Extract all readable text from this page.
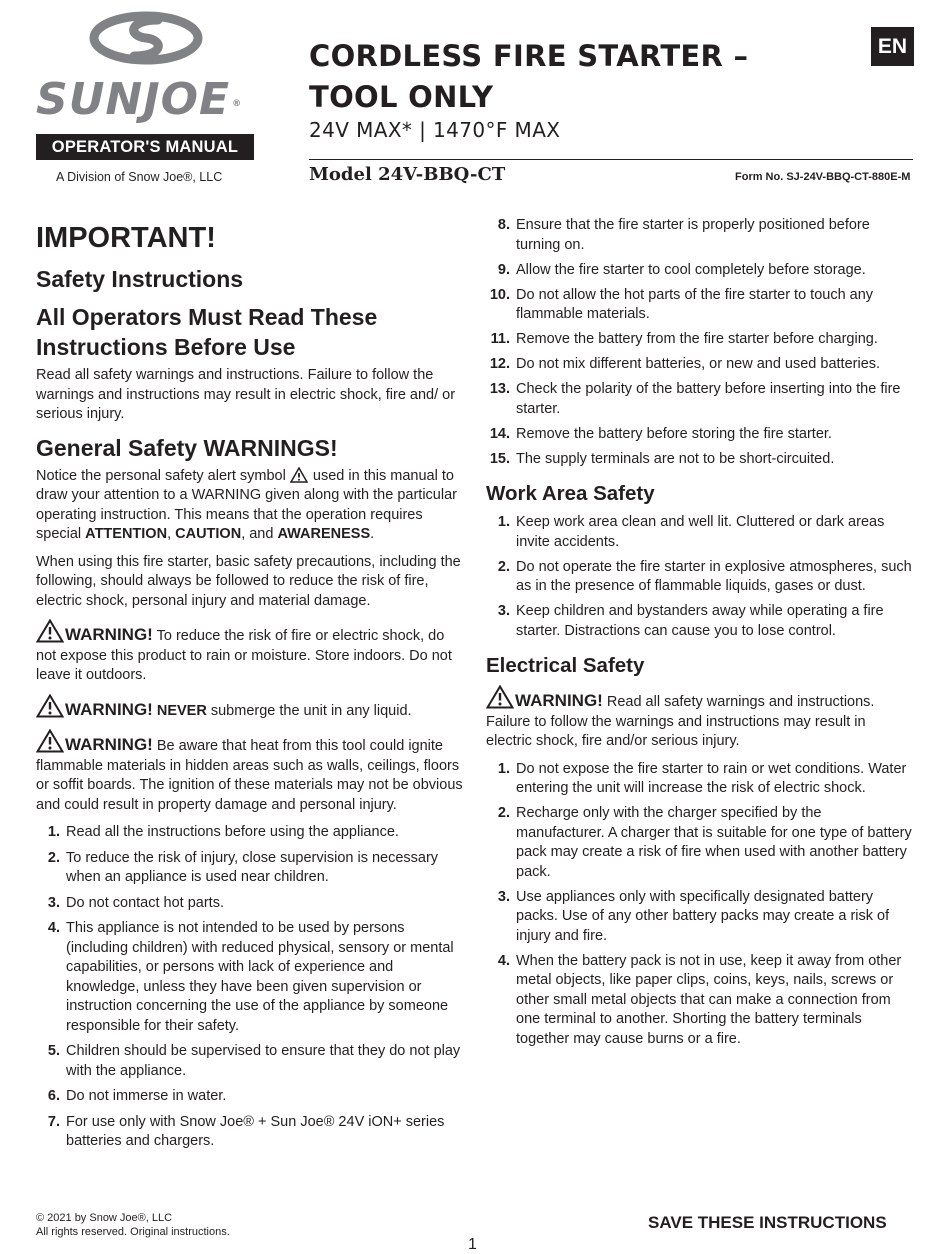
SUNJOE ®
OPERATOR'S MANUAL
A Division of Snow Joe®, LLC
CORDLESS FIRE STARTER –
TOOL ONLY
24V MAX* | 1470°F MAX
Model 24V-BBQ-CT	Form No. SJ-24V-BBQ-CT-880E-M
EN
IMPORTANT!
Safety Instructions
All Operators Must Read These Instructions Before Use

Read all safety warnings and instructions. Failure to follow the warnings and instructions may result in electric shock, fire and/ or serious injury.

General Safety WARNINGS!

Notice the personal safety alert symbol used in this manual to draw your attention to a WARNING given along with the particular operating instruction. This means that the operation requires special ATTENTION, CAUTION, and AWARENESS.

When using this fire starter, basic safety precautions, including the following, should always be followed to reduce the risk of fire, electric shock, personal injury and material damage.

WARNING! To reduce the risk of fire or electric shock, do not expose this product to rain or moisture. Store indoors. Do not leave it outdoors.

WARNING! NEVER submerge the unit in any liquid.

WARNING! Be aware that heat from this tool could ignite flammable materials in hidden areas such as walls, ceilings, floors or soffit boards. The ignition of these materials may not be obvious and could result in property damage and personal injury.

1. Read all the instructions before using the appliance.
2. To reduce the risk of injury, close supervision is necessary when an appliance is used near children.
3. Do not contact hot parts.
4. This appliance is not intended to be used by persons (including children) with reduced physical, sensory or mental capabilities, or persons with lack of experience and knowledge, unless they have been given supervision or instruction concerning the use of the appliance by someone responsible for their safety.
5. Children should be supervised to ensure that they do not play with the appliance.
6. Do not immerse in water.
7. For use only with Snow Joe® + Sun Joe® 24V iON+ series batteries and chargers.
8. Ensure that the fire starter is properly positioned before turning on.
9. Allow the fire starter to cool completely before storage.
10. Do not allow the hot parts of the fire starter to touch any flammable materials.
11. Remove the battery from the fire starter before charging.
12. Do not mix different batteries, or new and used batteries.
13. Check the polarity of the battery before inserting into the fire starter.
14. Remove the battery before storing the fire starter.
15. The supply terminals are not to be short-circuited.
Work Area Safety
1. Keep work area clean and well lit. Cluttered or dark areas invite accidents.
2. Do not operate the fire starter in explosive atmospheres, such as in the presence of flammable liquids, gases or dust.
3. Keep children and bystanders away while operating a fire starter. Distractions can cause you to lose control.
Electrical Safety

WARNING! Read all safety warnings and instructions. Failure to follow the warnings and instructions may result in electric shock, fire and/or serious injury.

1. Do not expose the fire starter to rain or wet conditions. Water entering the unit will increase the risk of electric shock.
2. Recharge only with the charger specified by the manufacturer. A charger that is suitable for one type of battery pack may create a risk of fire when used with another battery pack.
3. Use appliances only with specifically designated battery packs. Use of any other battery packs may create a risk of injury and fire.
4. When the battery pack is not in use, keep it away from other metal objects, like paper clips, coins, keys, nails, screws or other small metal objects that can make a connection from one terminal to another. Shorting the battery terminals together may cause burns or a fire.
© 2021 by Snow Joe®, LLC
All rights reserved. Original instructions.	SAVE THESE INSTRUCTIONS
1
